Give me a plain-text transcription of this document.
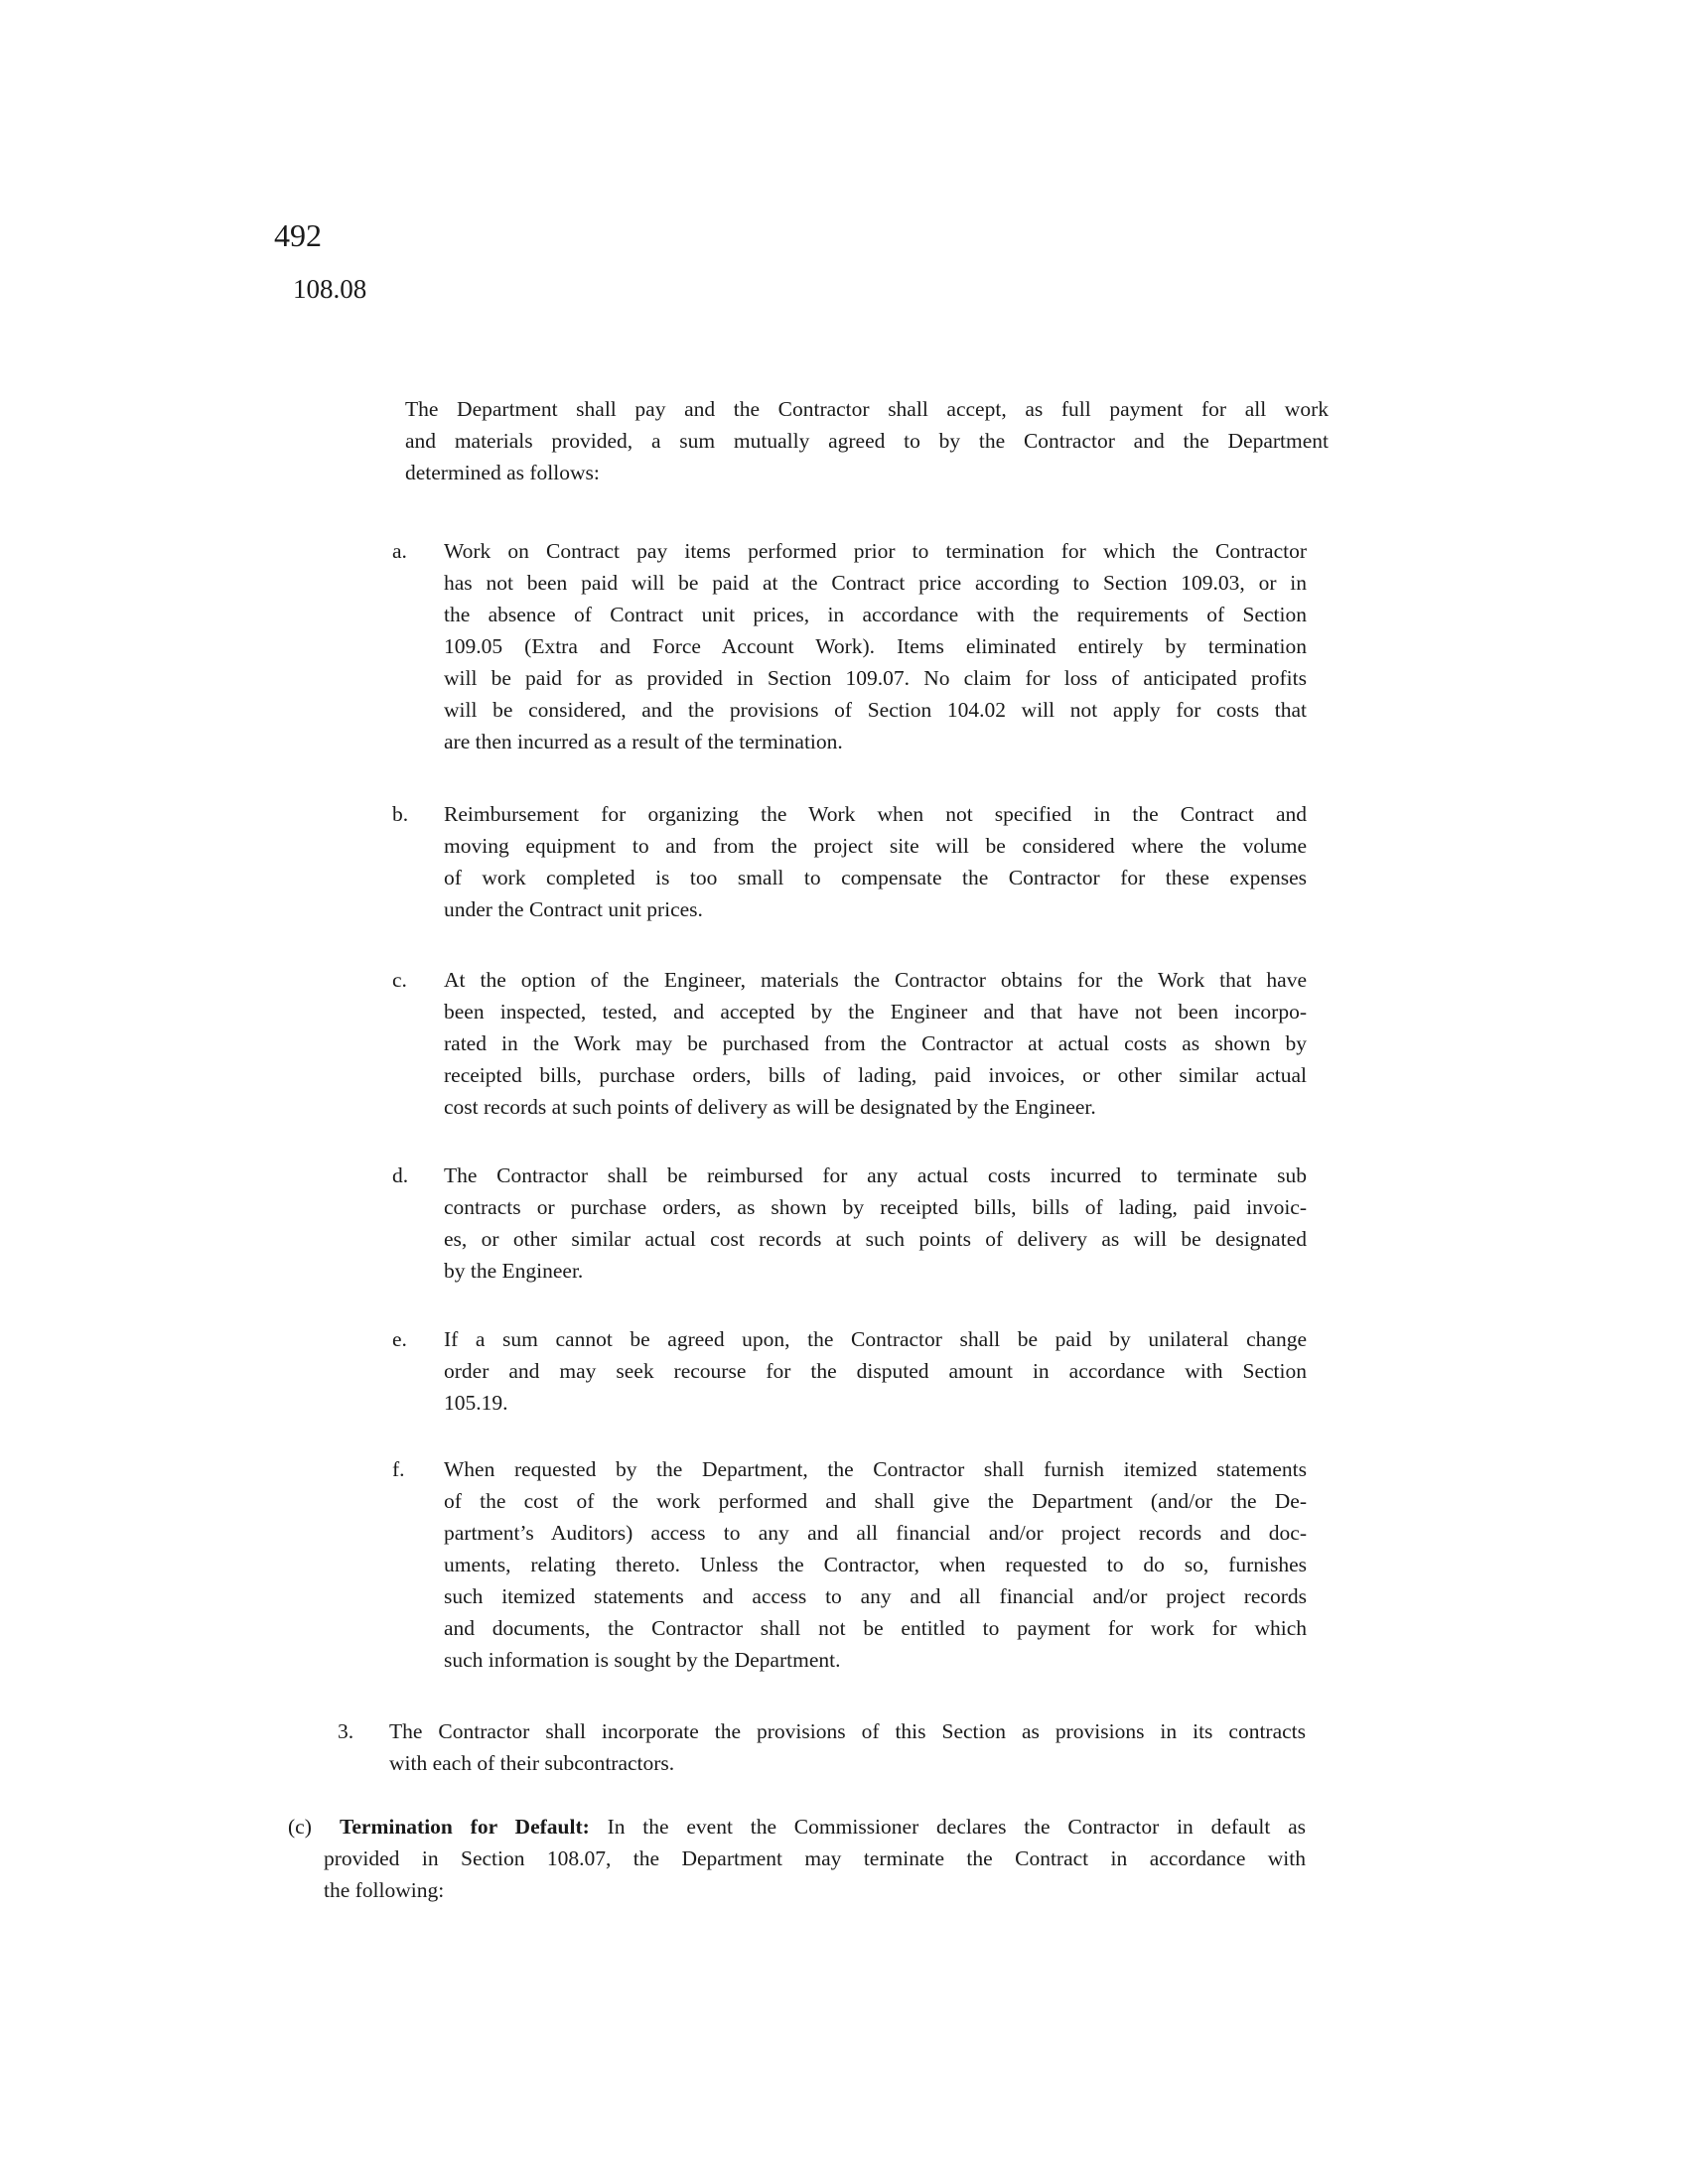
492
108.08
The Department shall pay and the Contractor shall accept, as full payment for all work
and materials provided, a sum mutually agreed to by the Contractor and the Department
determined as follows:
a. Work on Contract pay items performed prior to termination for which the Contractor
has not been paid will be paid at the Contract price according to Section 109.03, or in
the absence of Contract unit prices, in accordance with the requirements of Section
109.05 (Extra and Force Account Work). Items eliminated entirely by termination
will be paid for as provided in Section 109.07. No claim for loss of anticipated profits
will be considered, and the provisions of Section 104.02 will not apply for costs that
are then incurred as a result of the termination.
b. Reimbursement for organizing the Work when not specified in the Contract and
moving equipment to and from the project site will be considered where the volume
of work completed is too small to compensate the Contractor for these expenses
under the Contract unit prices.
c. At the option of the Engineer, materials the Contractor obtains for the Work that have
been inspected, tested, and accepted by the Engineer and that have not been incorpo-
rated in the Work may be purchased from the Contractor at actual costs as shown by
receipted bills, purchase orders, bills of lading, paid invoices, or other similar actual
cost records at such points of delivery as will be designated by the Engineer.
d. The Contractor shall be reimbursed for any actual costs incurred to terminate sub
contracts or purchase orders, as shown by receipted bills, bills of lading, paid invoic-
es, or other similar actual cost records at such points of delivery as will be designated
by the Engineer.
e. If a sum cannot be agreed upon, the Contractor shall be paid by unilateral change
order and may seek recourse for the disputed amount in accordance with Section
105.19.
f. When requested by the Department, the Contractor shall furnish itemized statements
of the cost of the work performed and shall give the Department (and/or the De-
partment’s Auditors) access to any and all financial and/or project records and doc-
uments, relating thereto. Unless the Contractor, when requested to do so, furnishes
such itemized statements and access to any and all financial and/or project records
and documents, the Contractor shall not be entitled to payment for work for which
such information is sought by the Department.
3. The Contractor shall incorporate the provisions of this Section as provisions in its contracts
with each of their subcontractors.
(c)	Termination for Default: In the event the Commissioner declares the Contractor in default as
provided in Section 108.07, the Department may terminate the Contract in accordance with
the following:
